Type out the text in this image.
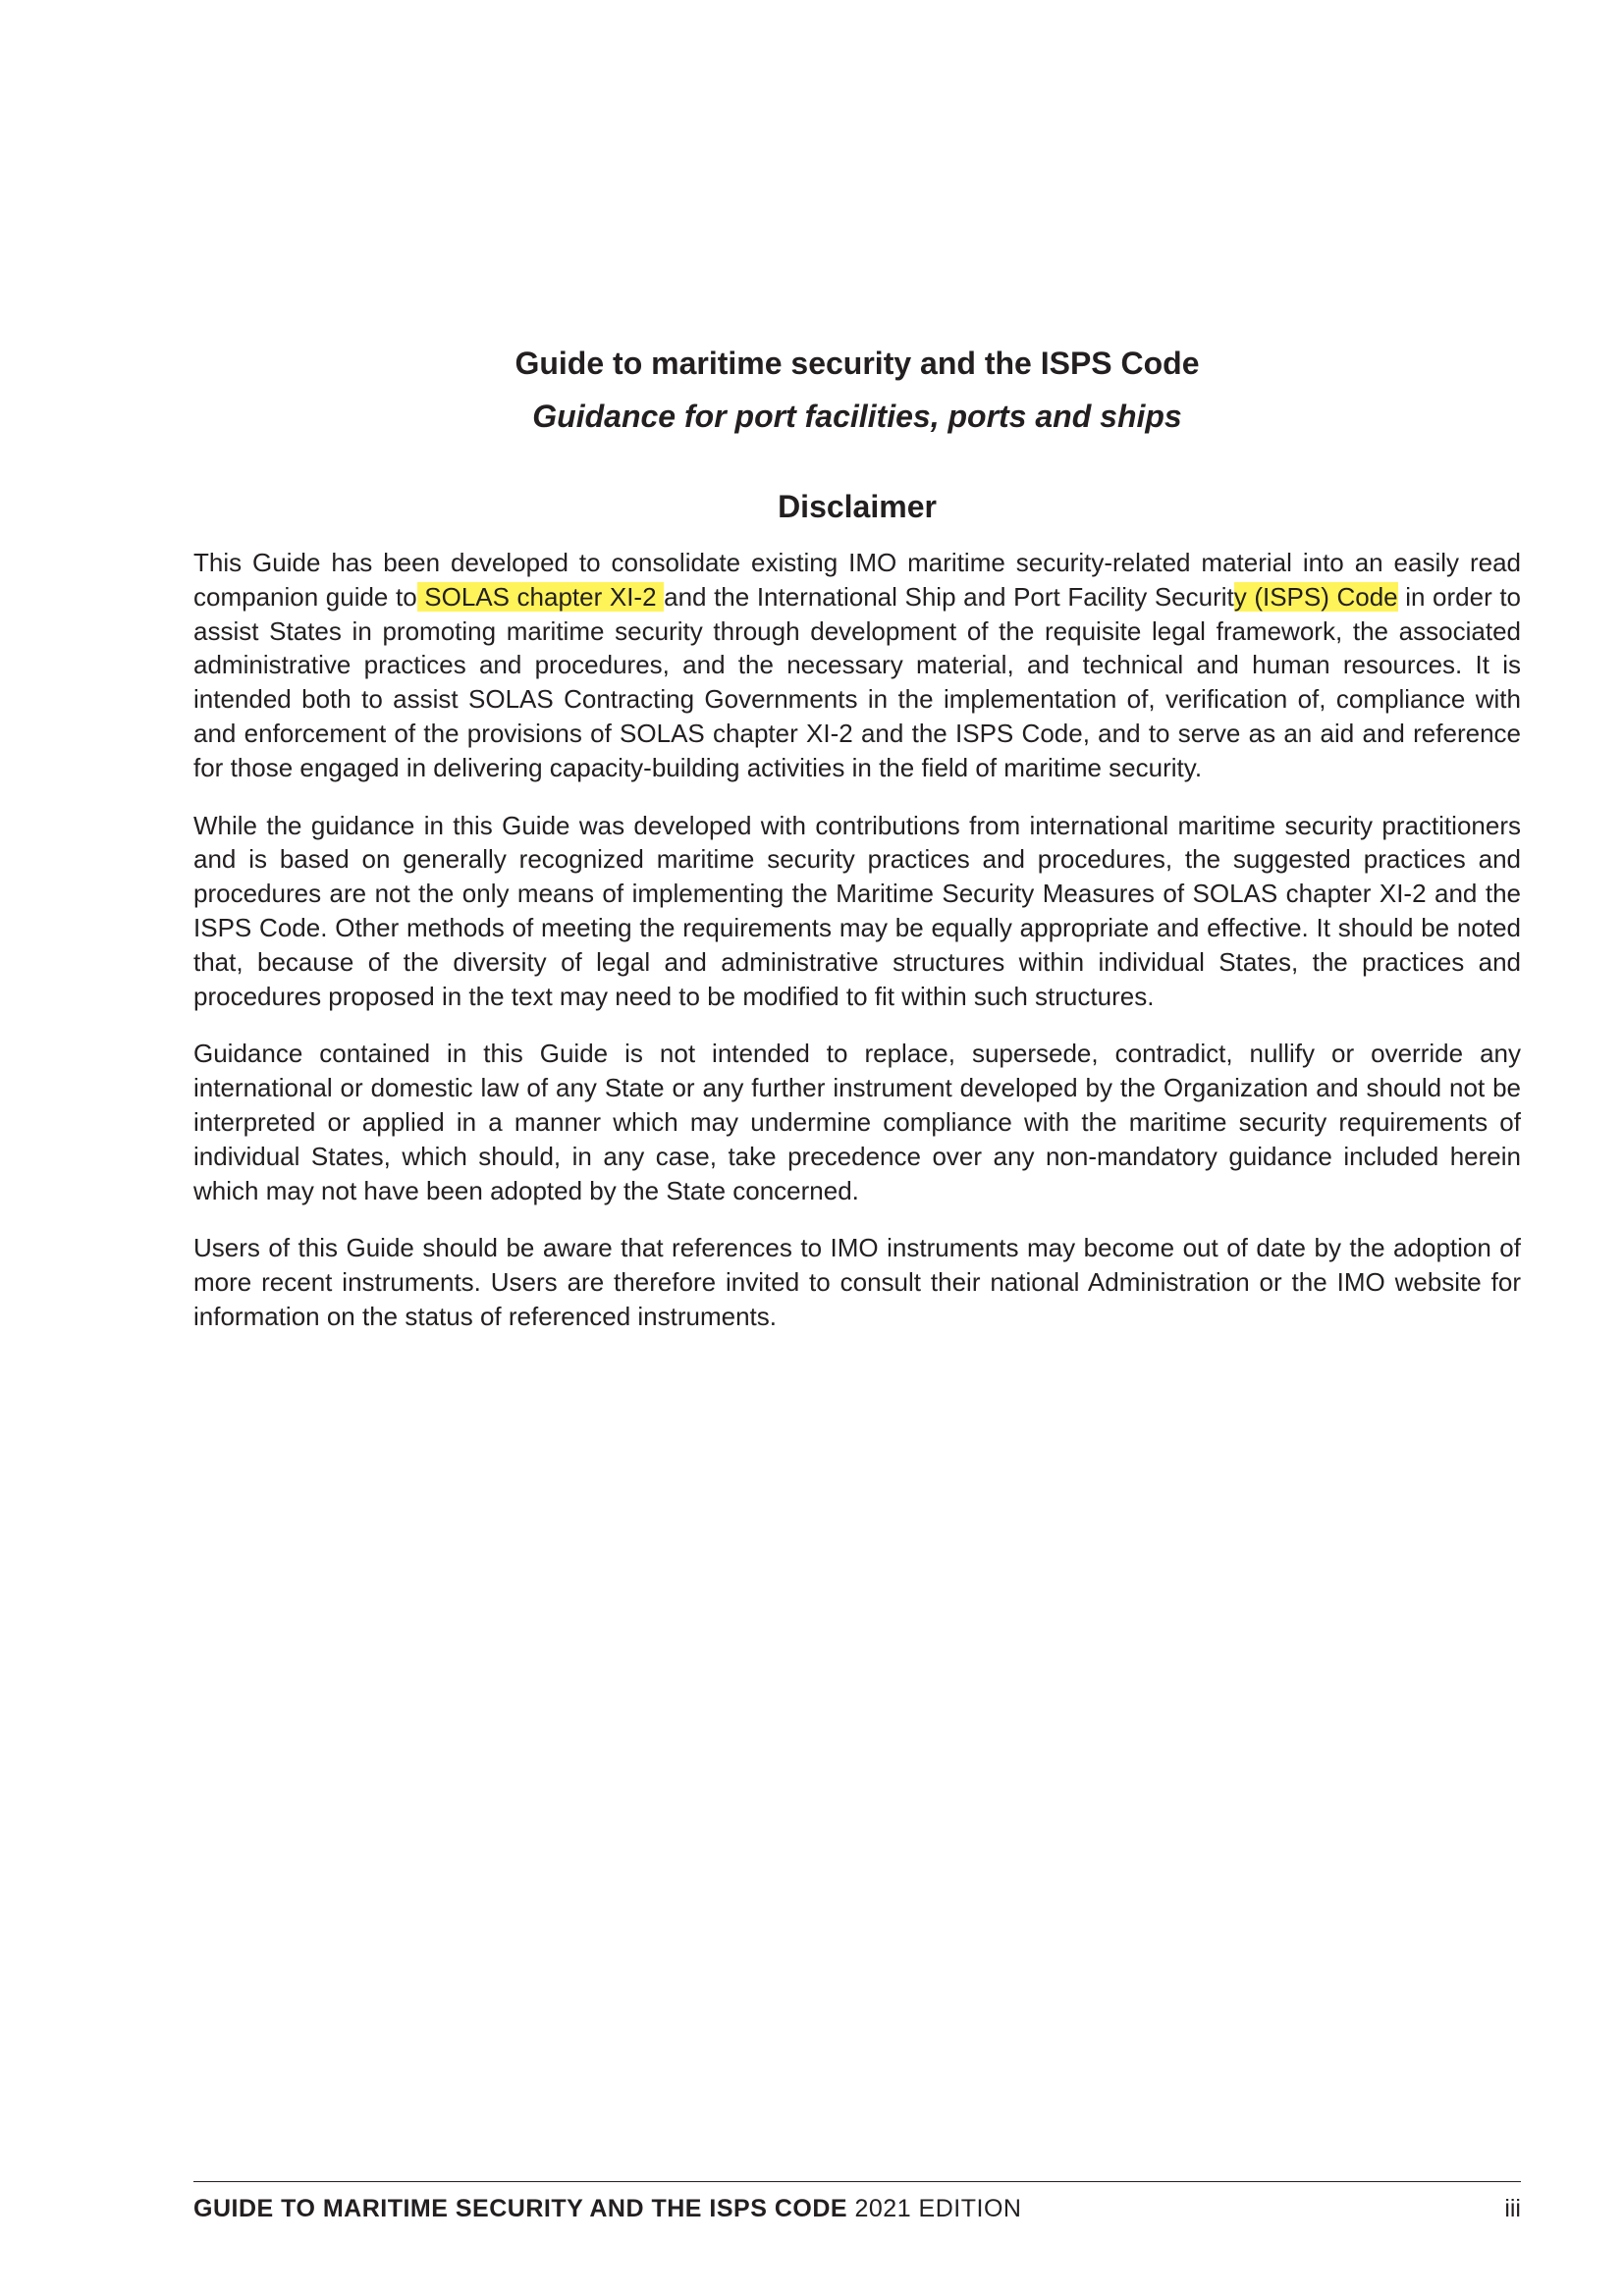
Guide to maritime security and the ISPS Code
Guidance for port facilities, ports and ships
Disclaimer

This Guide has been developed to consolidate existing IMO maritime security-related material into an easily read companion guide to SOLAS chapter XI-2 and the International Ship and Port Facility Security (ISPS) Code in order to assist States in promoting maritime security through development of the requisite legal framework, the associated administrative practices and procedures, and the necessary material, and technical and human resources. It is intended both to assist SOLAS Contracting Governments in the implementation of, verification of, compliance with and enforcement of the provisions of SOLAS chapter XI-2 and the ISPS Code, and to serve as an aid and reference for those engaged in delivering capacity-building activities in the field of maritime security.

While the guidance in this Guide was developed with contributions from international maritime security practitioners and is based on generally recognized maritime security practices and procedures, the suggested practices and procedures are not the only means of implementing the Maritime Security Measures of SOLAS chapter XI-2 and the ISPS Code. Other methods of meeting the requirements may be equally appropriate and effective. It should be noted that, because of the diversity of legal and administrative structures within individual States, the practices and procedures proposed in the text may need to be modified to fit within such structures.

Guidance contained in this Guide is not intended to replace, supersede, contradict, nullify or override any international or domestic law of any State or any further instrument developed by the Organization and should not be interpreted or applied in a manner which may undermine compliance with the maritime security requirements of individual States, which should, in any case, take precedence over any non-mandatory guidance included herein which may not have been adopted by the State concerned.

Users of this Guide should be aware that references to IMO instruments may become out of date by the adoption of more recent instruments. Users are therefore invited to consult their national Administration or the IMO website for information on the status of referenced instruments.

GUIDE TO MARITIME SECURITY AND THE ISPS CODE 2021 EDITION	iii
